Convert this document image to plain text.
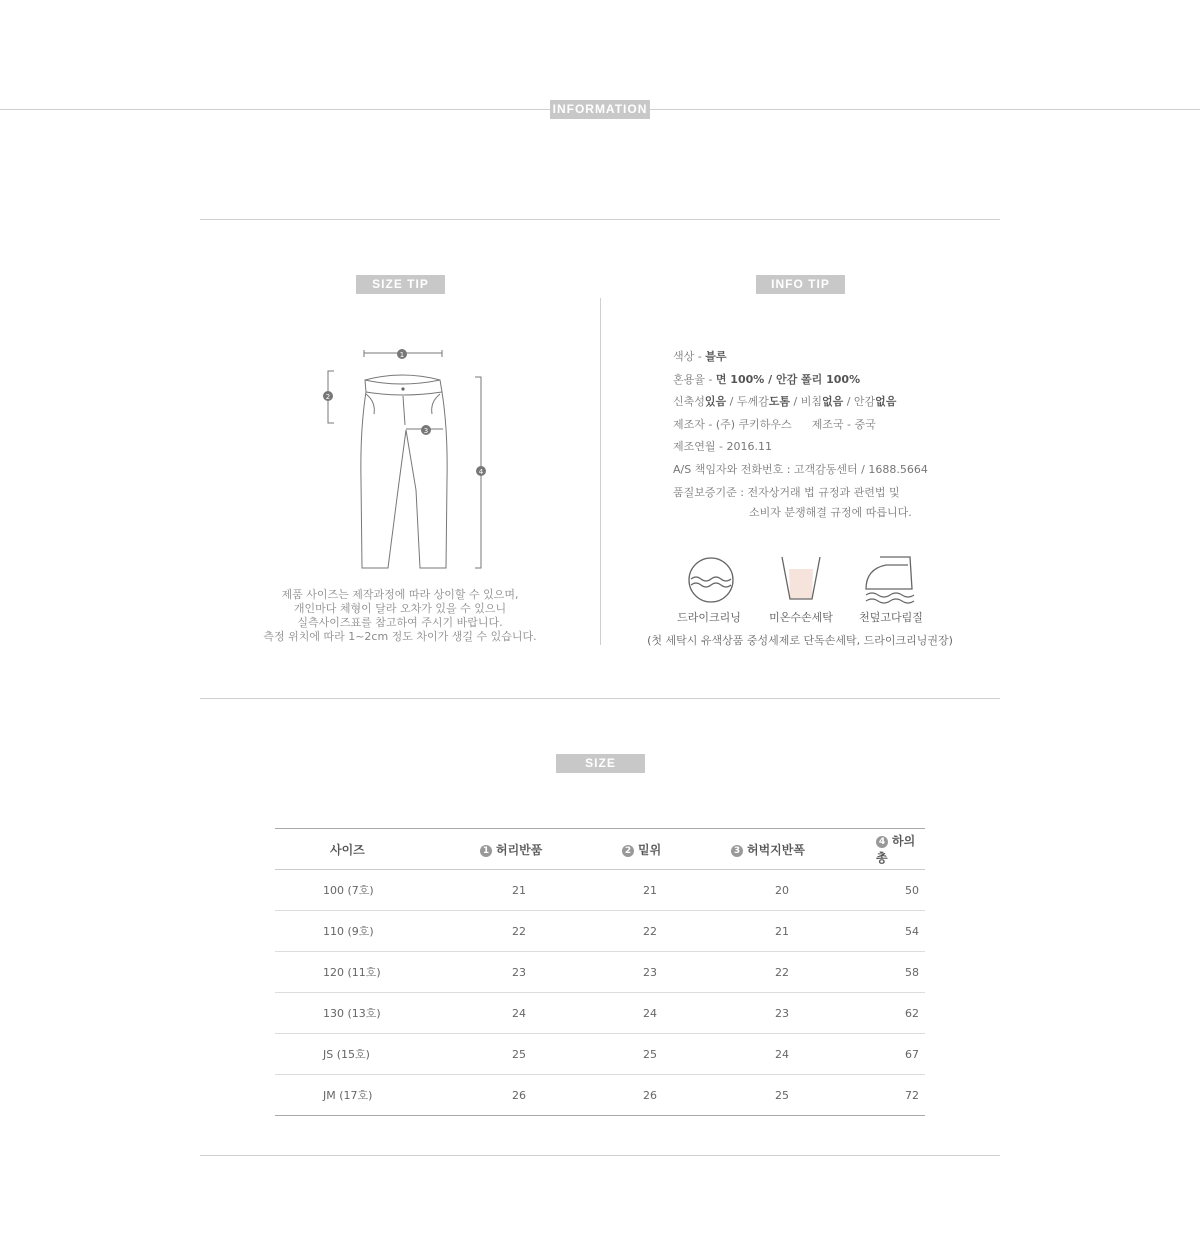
INFORMATION
SIZE TIP	INFO TIP
1
2
3
4
제품 사이즈는 제작과정에 따라 상이할 수 있으며,
개인마다 체형이 달라 오차가 있을 수 있으니
실측사이즈표를 참고하여 주시기 바랍니다.
측정 위치에 따라 1~2cm 정도 차이가 생길 수 있습니다.
색상 - 블루
혼용율 - 면 100% / 안감 폴리 100%
신축성있음 / 두께감도톰 / 비침없음 / 안감없음
제조자 - (주) 쿠키하우스 제조국 - 중국
제조연월 - 2016.11
A/S 책임자와 전화번호 : 고객감동센터 / 1688.5664
품질보증기준 : 전자상거래 법 규정과 관련법 및
소비자 분쟁해결 규정에 따릅니다.
드라이크리닝	미온수손세탁	천덮고다림질
(첫 세탁시 유색상품 중성세제로 단독손세탁, 드라이크리닝권장)
SIZE
사이즈	1 허리반품	2 밑위	3 허벅지반폭	4 하의총
100 (7호)	21	21	20	50
110 (9호)	22	22	21	54
120 (11호)	23	23	22	58
130 (13호)	24	24	23	62
JS (15호)	25	25	24	67
JM (17호)	26	26	25	72
